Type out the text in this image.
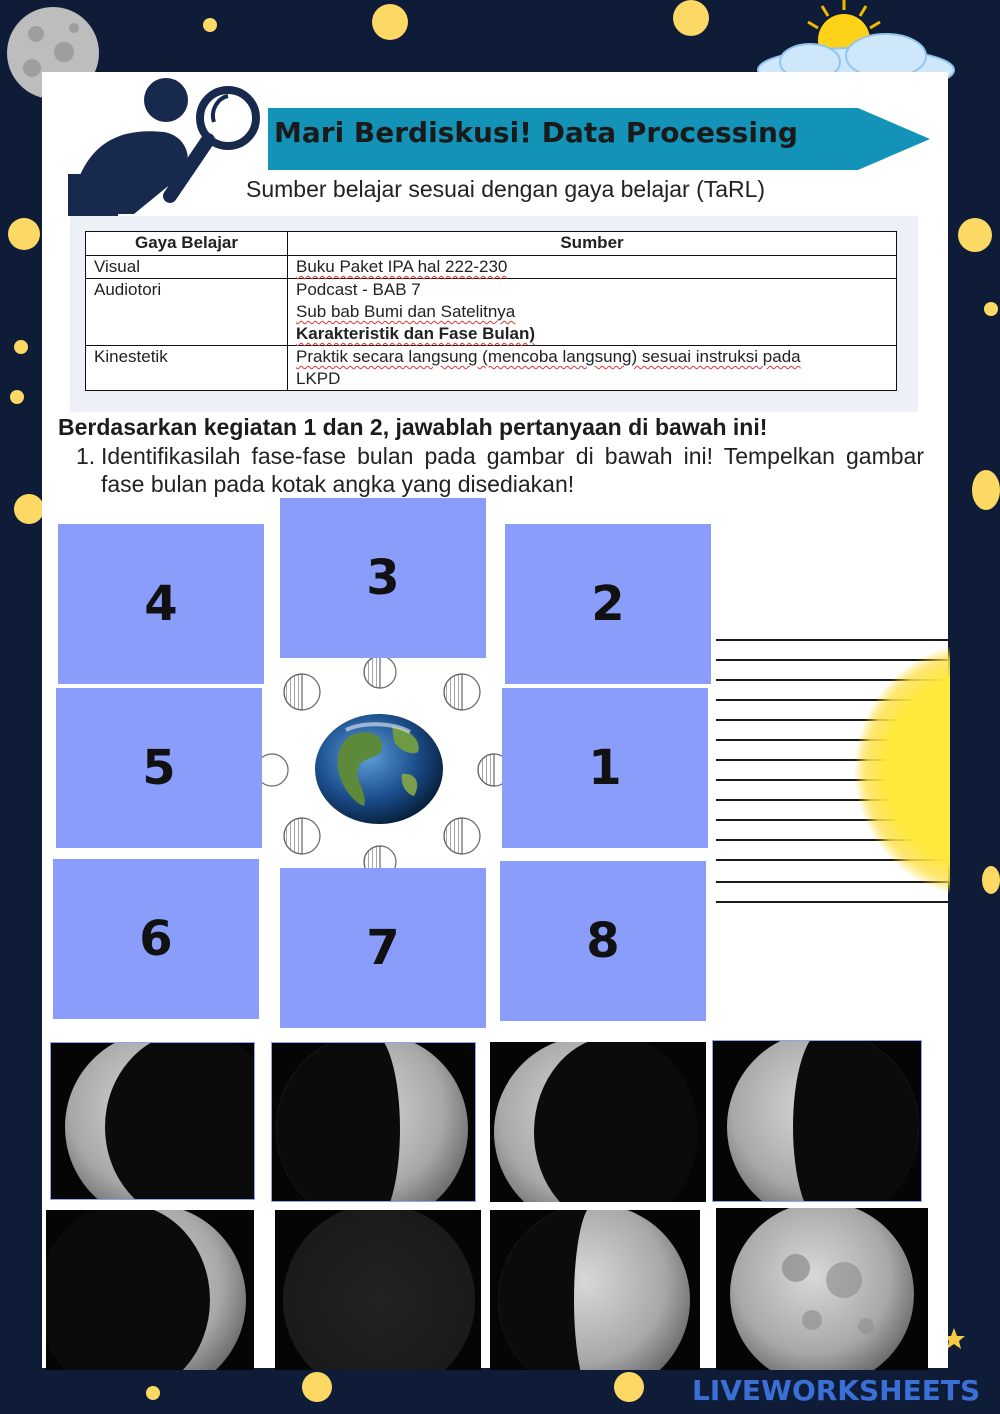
Mari Berdiskusi! Data Processing
Sumber belajar sesuai dengan gaya belajar (TaRL)
Gaya Belajar	Sumber
Visual	Buku Paket IPA hal 222-230
Audiotori	Podcast - BAB 7
Sub bab Bumi dan Satelitnya
Karakteristik dan Fase Bulan)

Kinestetik	Praktik secara langsung (mencoba langsung) sesuai instruksi pada
LKPD
Berdasarkan kegiatan 1 dan 2, jawablah pertanyaan di bawah ini!
1. Identifikasilah fase-fase bulan pada gambar di bawah ini! Tempelkan gambar fase bulan pada kotak angka yang disediakan!
4	3	2
5	1
6	7	8
LIVEWORKSHEETS
